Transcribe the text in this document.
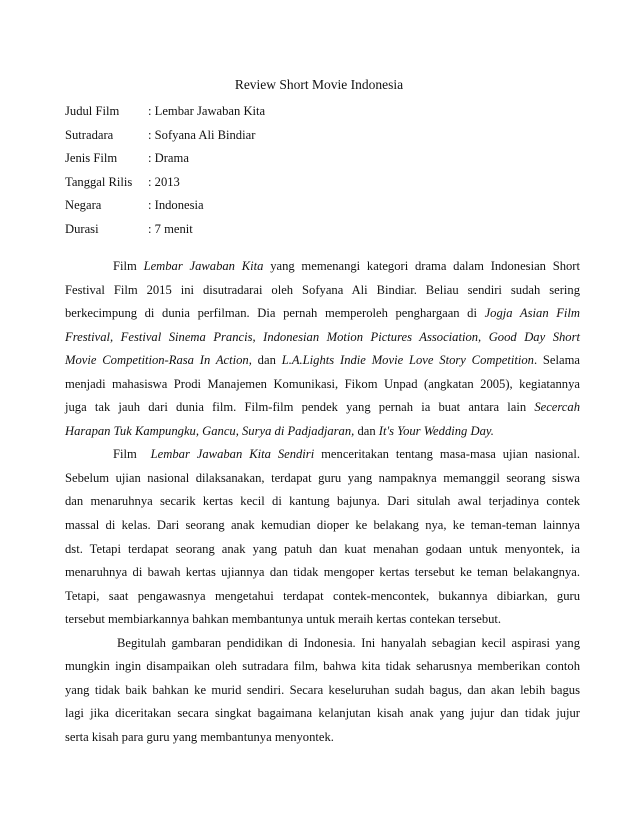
Review Short Movie Indonesia
Judul Film : Lembar Jawaban Kita
Sutradara	: Sofyana Ali Bindiar
Jenis Film : Drama
Tanggal Rilis : 2013
Negara	: Indonesia
Durasi	: 7 menit
Film Lembar Jawaban Kita yang memenangi kategori drama dalam Indonesian Short
Festival Film 2015 ini disutradarai oleh Sofyana Ali Bindiar. Beliau sendiri sudah sering
berkecimpung di dunia perfilman. Dia pernah memperoleh penghargaan di Jogja Asian Film
Frestival, Festival Sinema Prancis, Indonesian Motion Pictures Association, Good Day Short
Movie Competition-Rasa In Action, dan L.A.Lights Indie Movie Love Story Competition. Selama
menjadi mahasiswa Prodi Manajemen Komunikasi, Fikom Unpad (angkatan 2005), kegiatannya
juga tak jauh dari dunia film. Film-film pendek yang pernah ia buat antara lain Secercah
Harapan Tuk Kampungku, Gancu, Surya di Padjadjaran, dan It's Your Wedding Day.
Film  Lembar Jawaban Kita Sendiri menceritakan tentang masa-masa ujian nasional.
Sebelum ujian nasional dilaksanakan, terdapat guru yang nampaknya memanggil seorang siswa
dan menaruhnya secarik kertas kecil di kantung bajunya. Dari situlah awal terjadinya contek
massal di kelas. Dari seorang anak kemudian dioper ke belakang nya, ke teman-teman lainnya
dst. Tetapi terdapat seorang anak yang patuh dan kuat menahan godaan untuk menyontek, ia
menaruhnya di bawah kertas ujiannya dan tidak mengoper kertas tersebut ke teman belakangnya.
Tetapi, saat pengawasnya mengetahui terdapat contek-mencontek, bukannya dibiarkan, guru
tersebut membiarkannya bahkan membantunya untuk meraih kertas contekan tersebut.
Begitulah gambaran pendidikan di Indonesia. Ini hanyalah sebagian kecil aspirasi yang
mungkin ingin disampaikan oleh sutradara film, bahwa kita tidak seharusnya memberikan contoh
yang tidak baik bahkan ke murid sendiri. Secara keseluruhan sudah bagus, dan akan lebih bagus
lagi jika diceritakan secara singkat bagaimana kelanjutan kisah anak yang jujur dan tidak jujur
serta kisah para guru yang membantunya menyontek.
